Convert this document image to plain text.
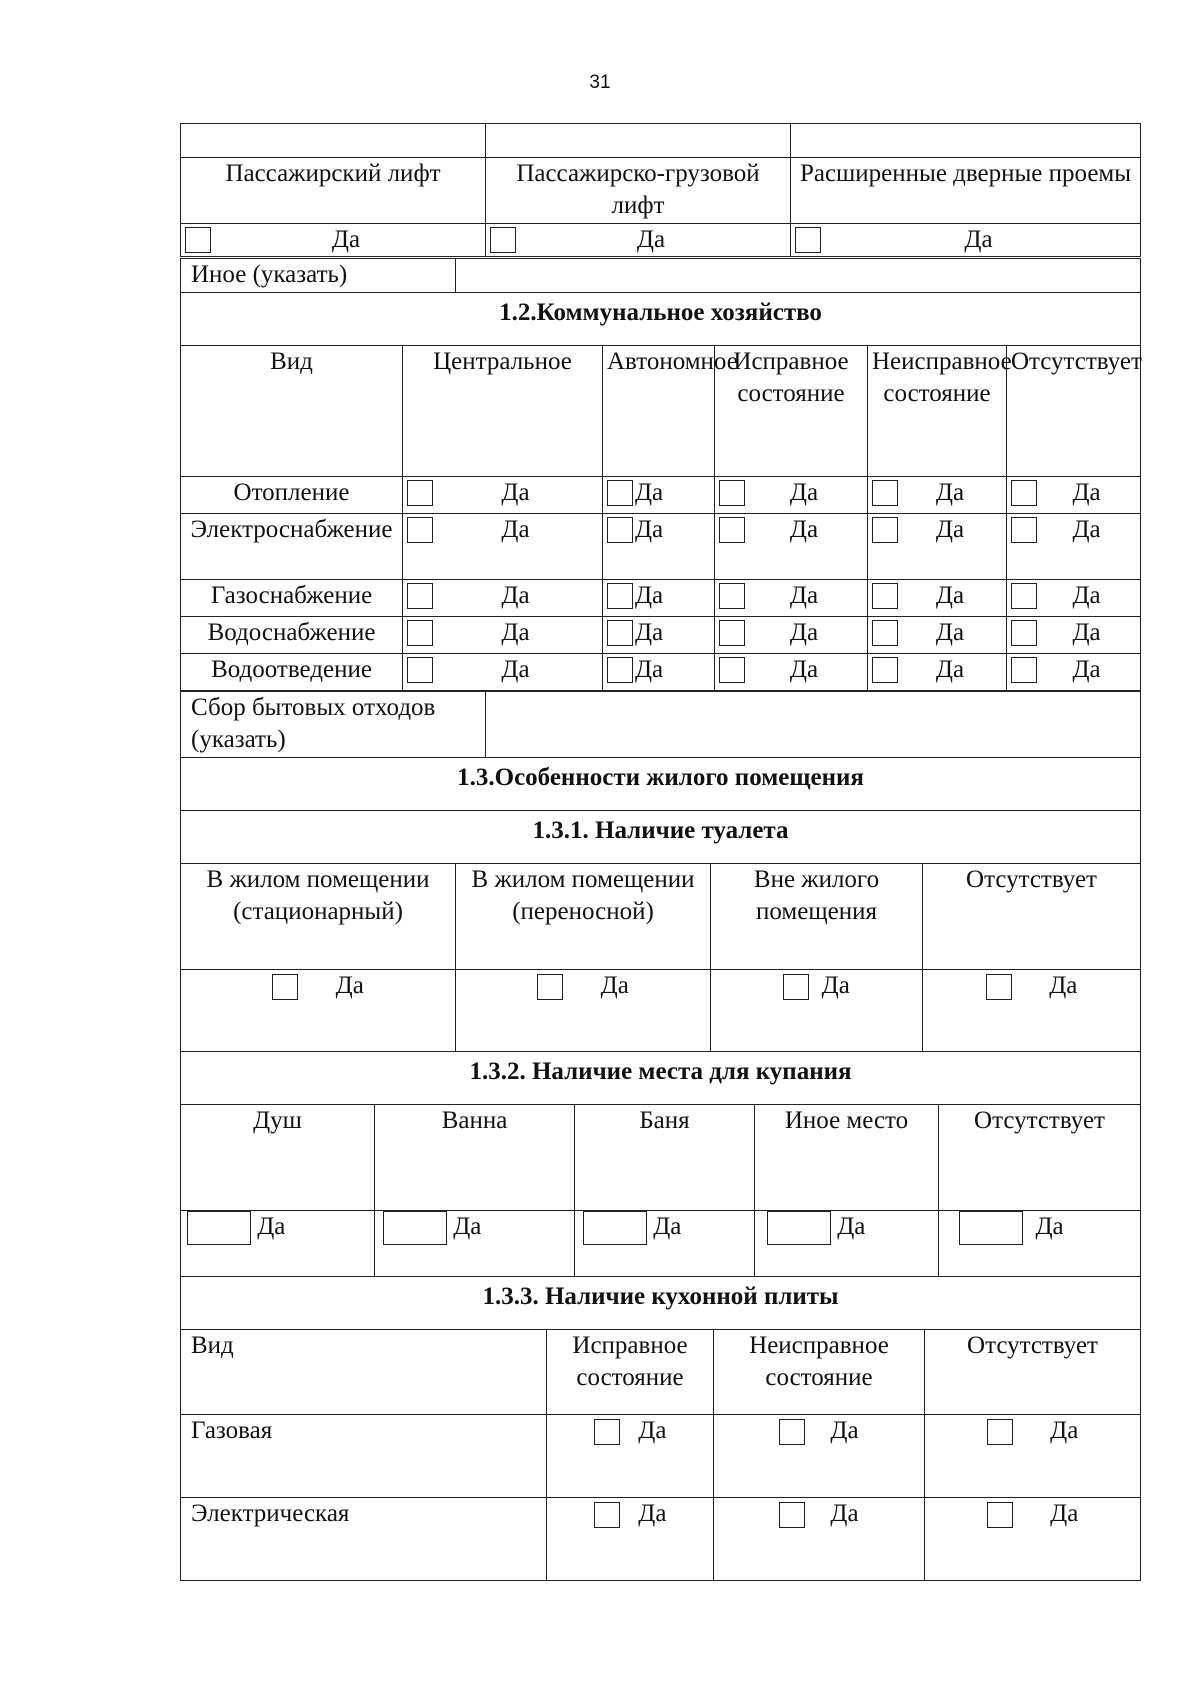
31

Пассажирский лифт	Пассажирско-грузовой лифт	Расширенные дверные проемы

Да	Да	Да
Иное (указать)	
1.2.Коммунальное хозяйство					
Вид	Центральное	Автономное	Исправное состояние	Неисправное состояние	Отсутствует
Отопление	Да	Да	Да	Да	Да

Электроснабжение	Да	Да	Да	Да	Да

Газоснабжение	Да	Да	Да	Да	Да

Водоснабжение	Да	Да	Да	Да	Да

Водоотведение	Да	Да	Да	Да	Да
Сбор бытовых отходов (указать)	
1.3.Особенности жилого помещения			
1.3.1. Наличие туалета			
В жилом помещении (стационарный)	В жилом помещении (переносной)	Вне жилого помещения	Отсутствует
Да	Да	Да	Да
1.3.2. Наличие места для купания				
Душ	Ванна	Баня	Иное место	Отсутствует
Да	Да	Да	Да	Да
1.3.3. Наличие кухонной плиты			
Вид	Исправное состояние	Неисправное состояние	Отсутствует
Газовая	Да	Да	Да
Электрическая	Да	Да	Да
